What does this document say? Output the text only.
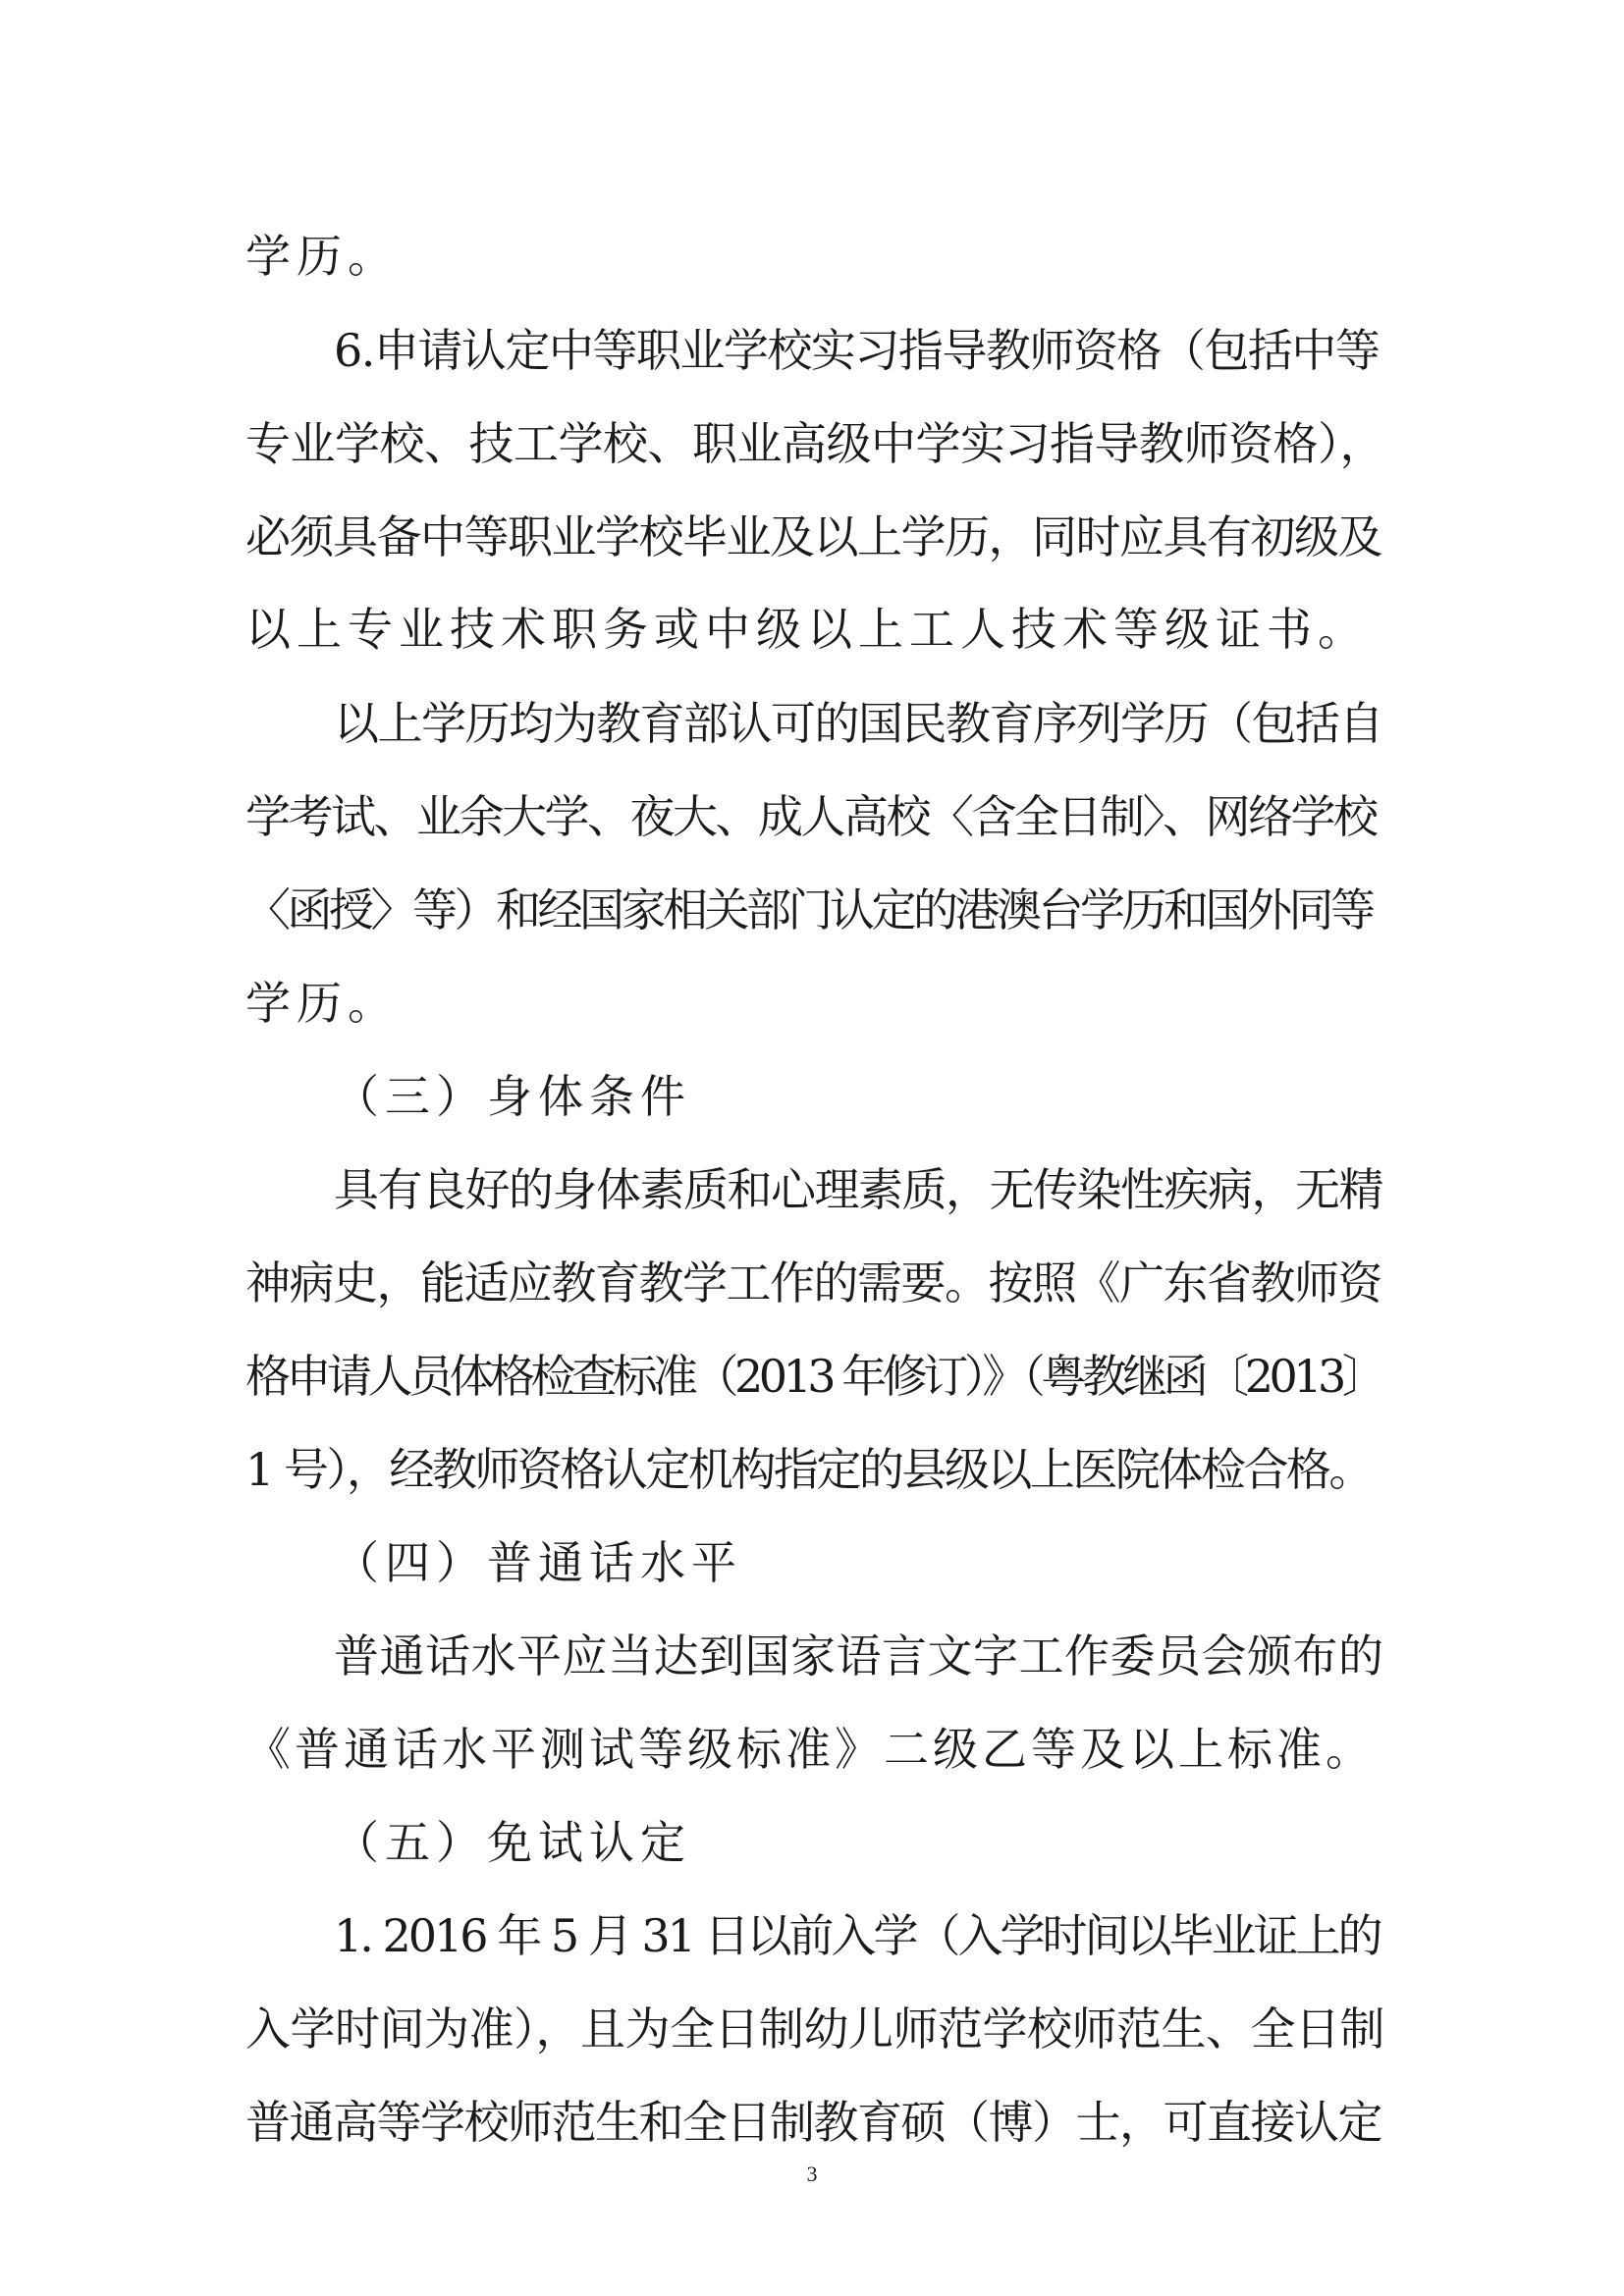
学历。
6.申请认定中等职业学校实习指导教师资格（包括中等
专业学校、技工学校、职业高级中学实习指导教师资格），
必须具备中等职业学校毕业及以上学历，同时应具有初级及
以上专业技术职务或中级以上工人技术等级证书。
以上学历均为教育部认可的国民教育序列学历（包括自
学考试、业余大学、夜大、成人高校〈含全日制〉、网络学校
〈函授〉等）和经国家相关部门认定的港澳台学历和国外同等
学历。
（三）身体条件
具有良好的身体素质和心理素质，无传染性疾病，无精
神病史，能适应教育教学工作的需要。按照《广东省教师资
格申请人员体格检查标准（2013 年修订）》（粤教继函〔2013〕
1 号），经教师资格认定机构指定的县级以上医院体检合格。
（四）普通话水平
普通话水平应当达到国家语言文字工作委员会颁布的
《普通话水平测试等级标准》二级乙等及以上标准。
（五）免试认定
1. 2016 年 5 月 31 日以前入学（入学时间以毕业证上的
入学时间为准），且为全日制幼儿师范学校师范生、全日制
普通高等学校师范生和全日制教育硕（博）士，可直接认定
3
